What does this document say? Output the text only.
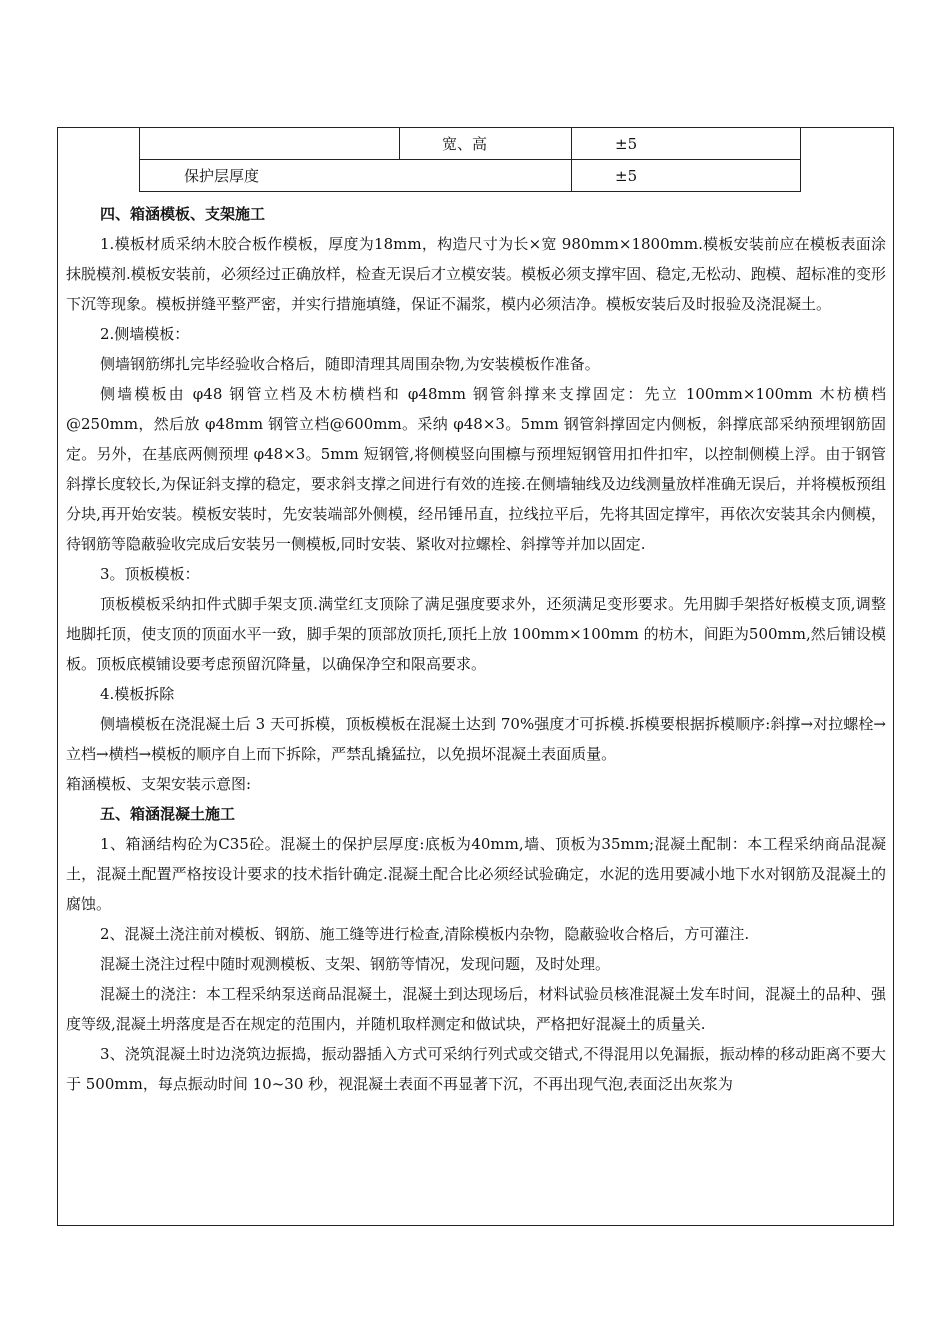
宽、高	±5
保护层厚度	±5

四、箱涵模板、支架施工

1.模板材质采纳木胶合板作模板，厚度为18mm，构造尺寸为长×宽 980mm×1800mm.模板安装前应在模板表面涂抹脱模剂.模板安装前，必须经过正确放样，检查无误后才立模安装。模板必须支撑牢固、稳定,无松动、跑模、超标准的变形下沉等现象。模板拼缝平整严密，并实行措施填缝，保证不漏浆，模内必须洁净。模板安装后及时报验及浇混凝土。

2.侧墙模板：

侧墙钢筋绑扎完毕经验收合格后，随即清理其周围杂物,为安装模板作准备。

侧墙模板由 φ48 钢管立档及木枋横档和 φ48mm 钢管斜撑来支撑固定：先立 100mm×100mm 木枋横档@250mm，然后放 φ48mm 钢管立档@600mm。采纳 φ48×3。5mm 钢管斜撑固定内侧板，斜撑底部采纳预埋钢筋固定。另外，在基底两侧预埋 φ48×3。5mm 短钢管,将侧模竖向围檩与预埋短钢管用扣件扣牢，以控制侧模上浮。由于钢管斜撑长度较长,为保证斜支撑的稳定，要求斜支撑之间进行有效的连接.在侧墙轴线及边线测量放样准确无误后，并将模板预组分块,再开始安装。模板安装时，先安装端部外侧模，经吊锤吊直，拉线拉平后，先将其固定撑牢，再依次安装其余内侧模，待钢筋等隐蔽验收完成后安装另一侧模板,同时安装、紧收对拉螺栓、斜撑等并加以固定.

3。顶板模板：

顶板模板采纳扣件式脚手架支顶.满堂红支顶除了满足强度要求外，还须满足变形要求。先用脚手架搭好板模支顶,调整地脚托顶，使支顶的顶面水平一致，脚手架的顶部放顶托,顶托上放 100mm×100mm 的枋木，间距为500mm,然后铺设模板。顶板底模铺设要考虑预留沉降量，以确保净空和限高要求。

4.模板拆除

侧墙模板在浇混凝土后 3 天可拆模，顶板模板在混凝土达到 70%强度才可拆模.拆模要根据拆模顺序:斜撑→对拉螺栓→立档→横档→模板的顺序自上而下拆除，严禁乱撬猛拉，以免损坏混凝土表面质量。

箱涵模板、支架安装示意图:

五、箱涵混凝土施工

1、箱涵结构砼为C35砼。混凝土的保护层厚度:底板为40mm,墙、顶板为35mm;混凝土配制：本工程采纳商品混凝土，混凝土配置严格按设计要求的技术指针确定.混凝土配合比必须经试验确定，水泥的选用要减小地下水对钢筋及混凝土的腐蚀。

2、混凝土浇注前对模板、钢筋、施工缝等进行检查,清除模板内杂物，隐蔽验收合格后，方可灌注.

混凝土浇注过程中随时观测模板、支架、钢筋等情况，发现问题，及时处理。

混凝土的浇注：本工程采纳泵送商品混凝土，混凝土到达现场后，材料试验员核准混凝土发车时间，混凝土的品种、强度等级,混凝土坍落度是否在规定的范围内，并随机取样测定和做试块，严格把好混凝土的质量关.

3、浇筑混凝土时边浇筑边振捣，振动器插入方式可采纳行列式或交错式,不得混用以免漏振，振动棒的移动距离不要大于 500mm，每点振动时间 10~30 秒，视混凝土表面不再显著下沉，不再出现气泡,表面泛出灰浆为
